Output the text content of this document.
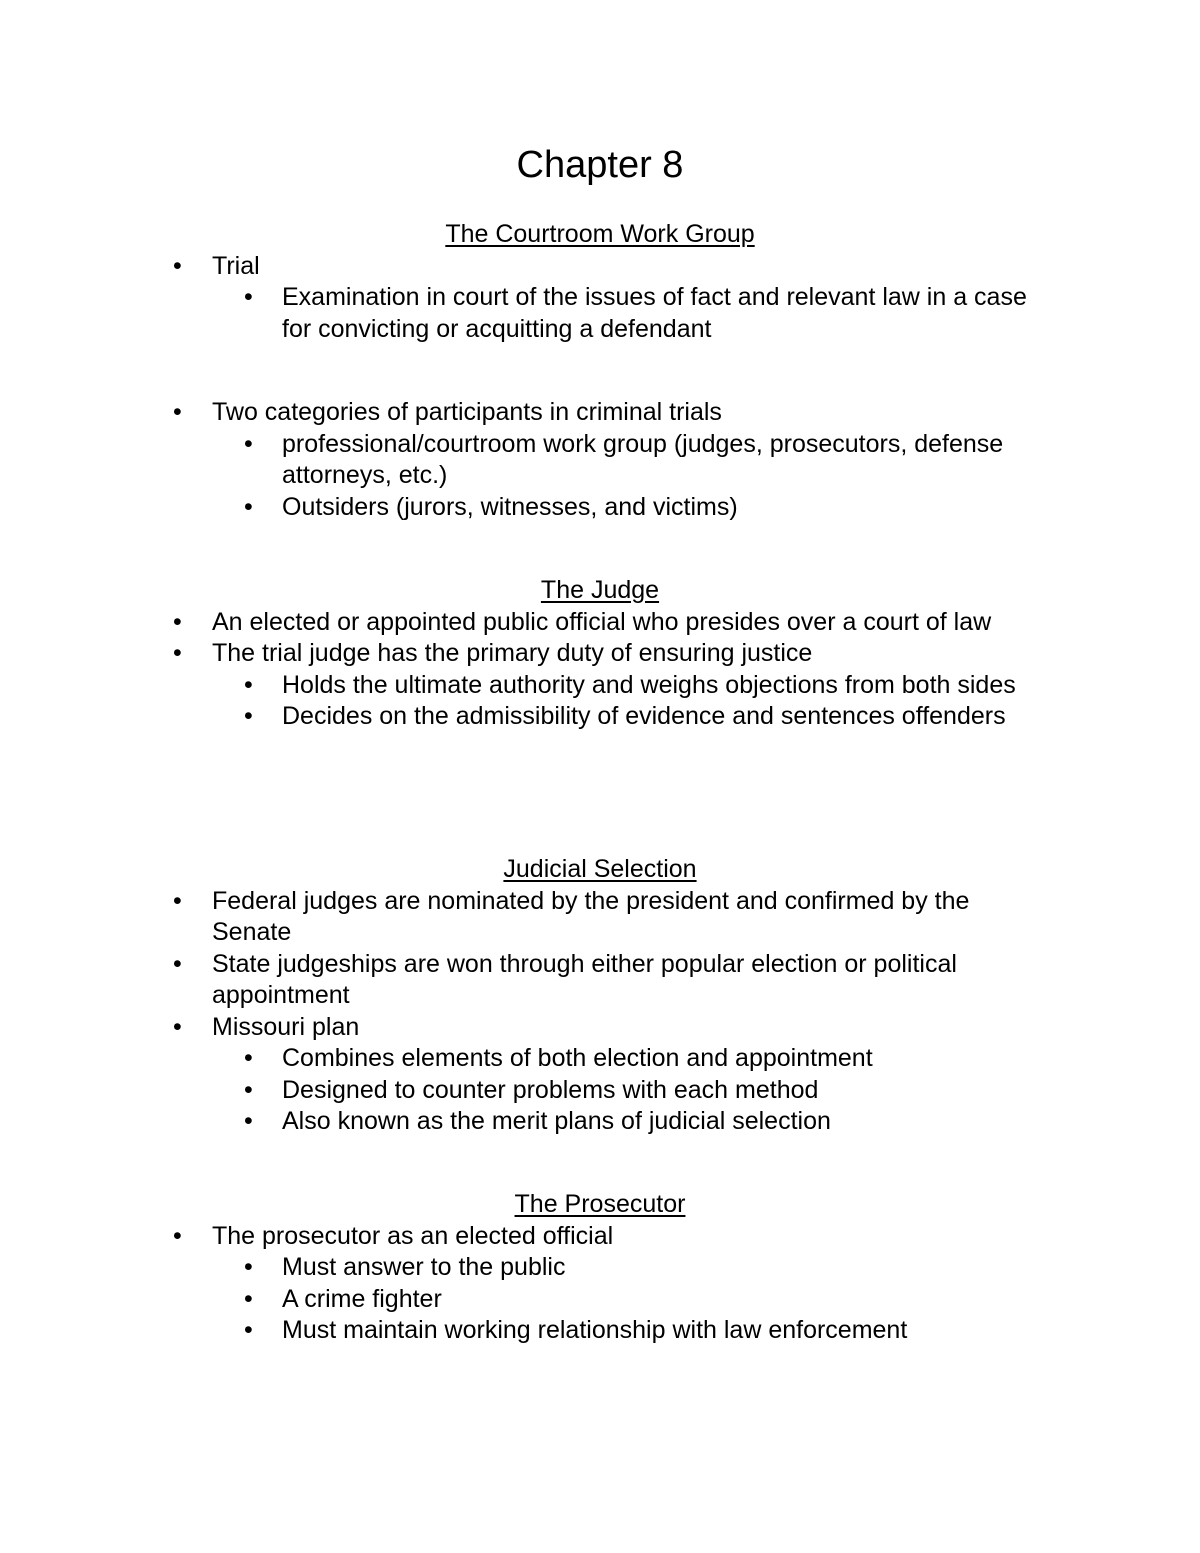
Chapter 8
The Courtroom Work Group
• Trial
• Examination in court of the issues of fact and relevant law in a case for convicting or acquitting a defendant
• Two categories of participants in criminal trials
• professional/courtroom work group (judges, prosecutors, defense attorneys, etc.)
• Outsiders (jurors, witnesses, and victims)
The Judge
• An elected or appointed public official who presides over a court of law
• The trial judge has the primary duty of ensuring justice
• Holds the ultimate authority and weighs objections from both sides
• Decides on the admissibility of evidence and sentences offenders
Judicial Selection
• Federal judges are nominated by the president and confirmed by the Senate
• State judgeships are won through either popular election or political appointment
• Missouri plan
• Combines elements of both election and appointment
• Designed to counter problems with each method
• Also known as the merit plans of judicial selection
The Prosecutor
• The prosecutor as an elected official
• Must answer to the public
• A crime fighter
• Must maintain working relationship with law enforcement
